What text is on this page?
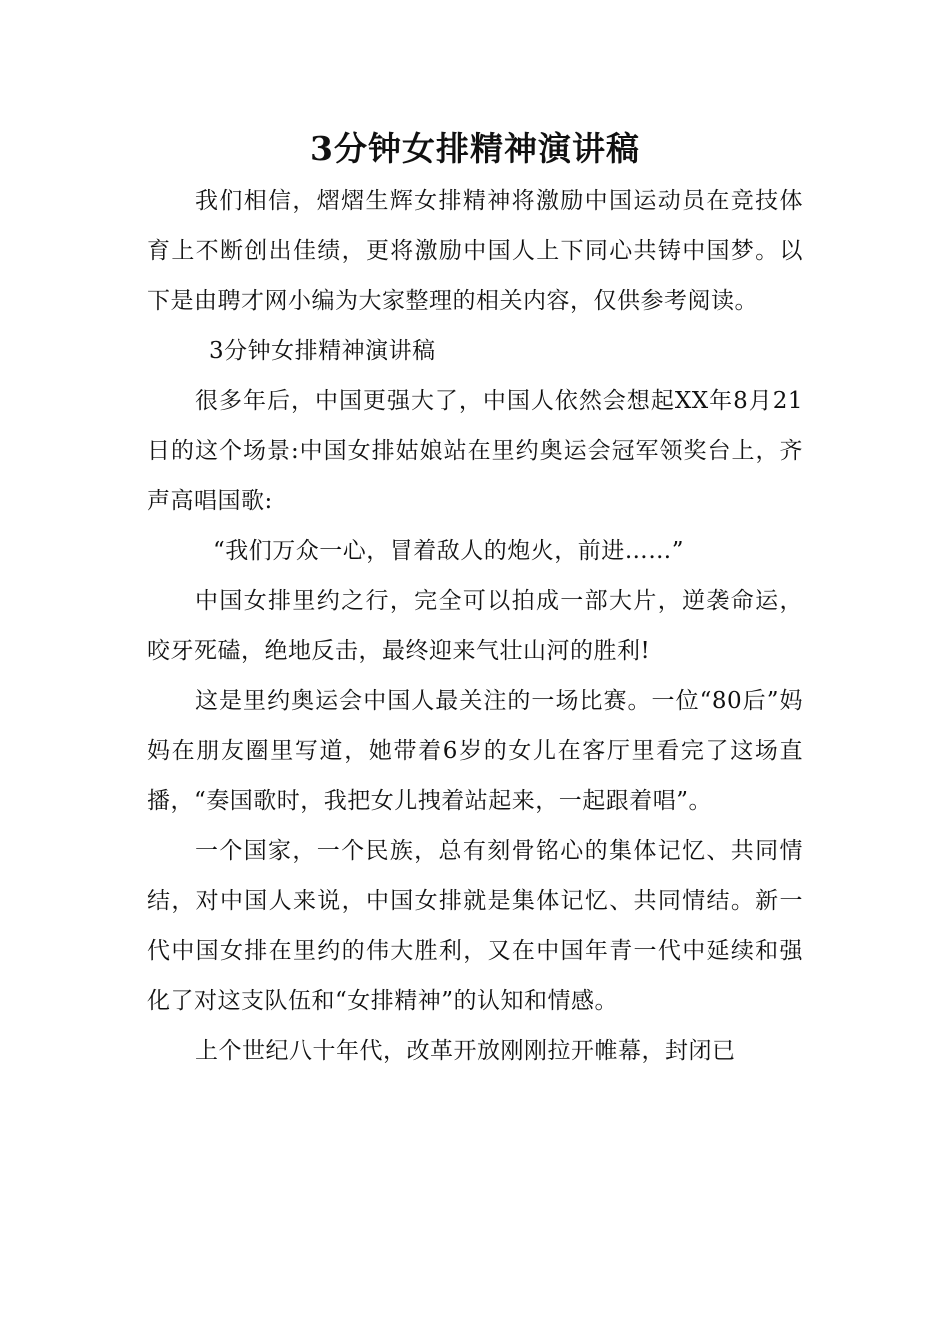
3分钟女排精神演讲稿

我们相信，熠熠生辉女排精神将激励中国运动员在竞技体育上不断创出佳绩，更将激励中国人上下同心共铸中国梦。以下是由聘才网小编为大家整理的相关内容，仅供参考阅读。

3分钟女排精神演讲稿

很多年后，中国更强大了，中国人依然会想起XX年8月21日的这个场景:中国女排姑娘站在里约奥运会冠军领奖台上，齐声高唱国歌:

“我们万众一心，冒着敌人的炮火，前进……”

中国女排里约之行，完全可以拍成一部大片，逆袭命运，咬牙死磕，绝地反击，最终迎来气壮山河的胜利!

这是里约奥运会中国人最关注的一场比赛。一位“80后”妈妈在朋友圈里写道，她带着6岁的女儿在客厅里看完了这场直播，“奏国歌时，我把女儿拽着站起来，一起跟着唱”。

一个国家，一个民族，总有刻骨铭心的集体记忆、共同情结，对中国人来说，中国女排就是集体记忆、共同情结。新一代中国女排在里约的伟大胜利，又在中国年青一代中延续和强化了对这支队伍和“女排精神”的认知和情感。

上个世纪八十年代，改革开放刚刚拉开帷幕，封闭已
